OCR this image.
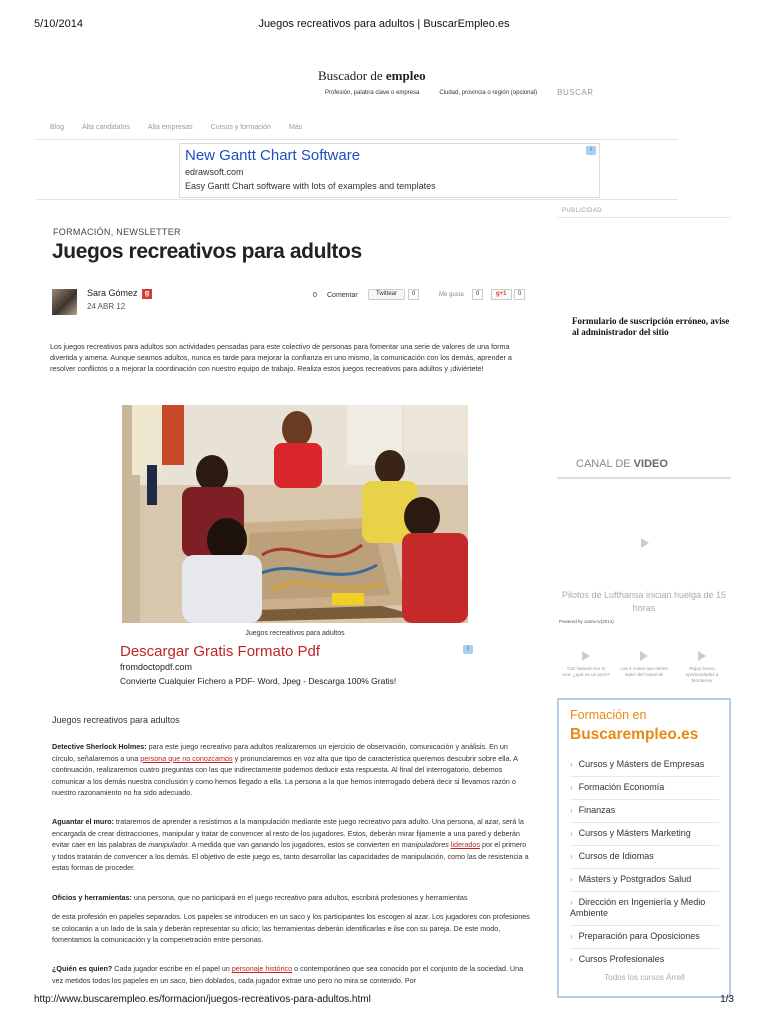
5/10/2014	Juegos recreativos para adultos | BuscarEmpleo.es
Buscador de empleo
Profesión, palabra clave o empresa	Ciudad, provincia o región (opcional)	BUSCAR
Blog	Alta candidatos	Alta empresas	Cursos y formación	Más
New Gantt Chart Software
edrawsoft.com
Easy Gantt Chart software with lots of examples and templates
i
FORMACIÓN, NEWSLETTER
Juegos recreativos para adultos
Sara Gómez	g
24 ABR 12
0 Comentar	Twittear	0	Me gusta	0	g+1	0

Los juegos recreativos para adultos son actividades pensadas para este colectivo de personas para fomentar una serie de valores de una forma divertida y amena. Aunque seamos adultos, nunca es tarde para mejorar la confianza en uno mismo, la comunicación con los demás, aprender a resolver conflictos o a mejorar la coordinación con nuestro equipo de trabajo. Realiza estos juegos recreativos para adultos y ¡diviértete!

Juegos recreativos para adultos
Descargar Gratis Formato Pdf
fromdoctopdf.com
Convierte Cualquier Fichero a PDF- Word, Jpeg - Descarga 100% Gratis!
i
Juegos recreativos para adultos

Detective Sherlock Holmes: para este juego recreativo para adultos realizaremos un ejercicio de observación, comunicación y análisis. En un círculo, señalaremos a una persona que no conozcamos y pronunciaremos en voz alta que tipo de característica queremos descubrir sobre ella. A continuación, realizaremos cuatro preguntas con las que indirectamente podemos deducir esta respuesta. Al final del interrogatorio, debemos comunicar a los demás nuestra conclusión y como hemos llegado a ella. La persona a la que hemos interrogado deberá decir si llevamos razón o nuestro razonamiento no ha sido adecuado.

Aguantar el muro: trataremos de aprender a resistirnos a la manipulación mediante este juego recreativo para adulto. Una persona, al azar, será la encargada de crear distracciones, manipular y tratar de convencer al resto de los jugadores. Estos, deberán mirar fijamente a una pared y deberán evitar caer en las palabras de manipulador. A medida que van ganando los jugadores, estos se convierten en manipuladores liderados por el primero y todos tratarán de convencer a los demás. El objetivo de este juego es, tanto desarrollar las capacidades de manipulación, como las de resistencia a estas formas de proceder.

Oficios y herramientas: una persona, que no participará en el juego recreativo para adultos, escribirá profesiones y herramientas

de esta profesión en papeles separados. Los papeles se introducen en un saco y los participantes los escogen al azar. Los jugadores con profesiones se colocarán a un lado de la sala y deberán representar su oficio; las herramientas deberán identificarlas e ilse con su pareja. De este modo, fomentamos la comunicación y la compenetración entre personas.

¿Quién es quien? Cada jugador escribe en el papel un personaje histórico o contemporáneo que sea conocido por el conjunto de la sociedad. Una vez metidos todos los papeles en un saco, bien doblados, cada jugador extrae uno pero no mira se contenido. Por

PUBLICIDAD
Formulario de suscripción erróneo, avise al administrador del sitio
CANAL DE VIDEO
Pilotos de Lufthansa inician huelga de 15 horas
Powered by Jaime.tv(2014)
Gas Natural con el cine: ¿qué es un pozo?
Las 5 cosas que debes saber del Canal de
Rajoy busca oportunidades a Monterrey
Formación en
Buscarempleo.es
› Cursos y Másters de Empresas
› Formación Economía
› Finanzas
› Cursos y Másters Marketing
› Cursos de Idiomas
› Másters y Postgrados Salud
› Dirección en Ingeniería y Medio Ambiente
› Preparación para Oposiciones
› Cursos Profesionales
Todos los cursos Árrell
http://www.buscarempleo.es/formacion/juegos-recreativos-para-adultos.html	1/3
